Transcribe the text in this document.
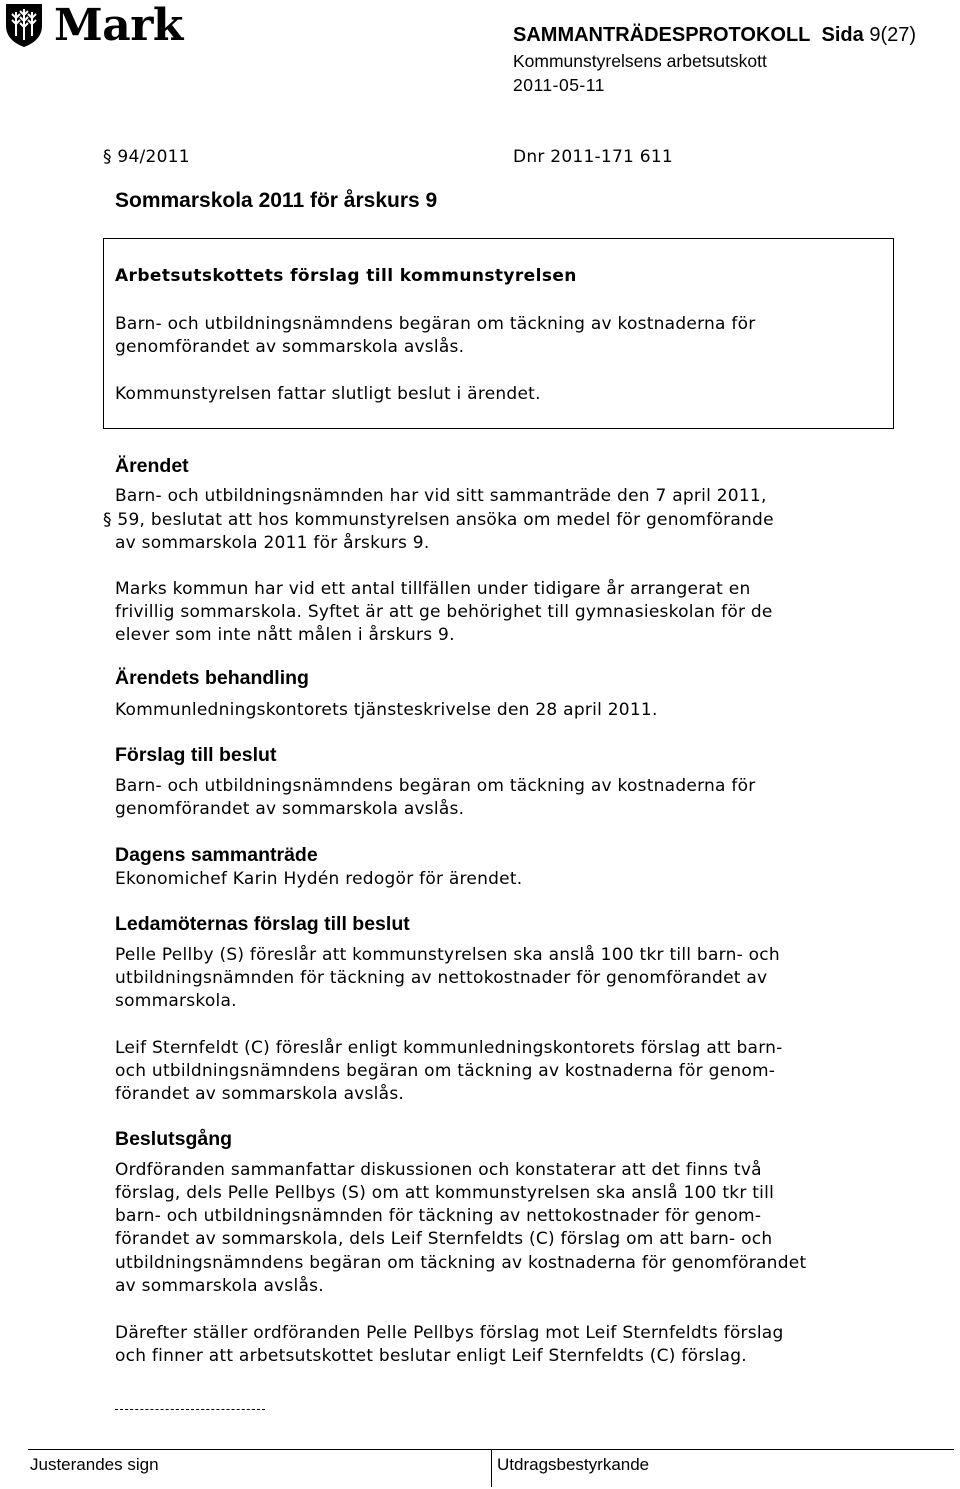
Mark	SAMMANTRÄDESPROTOKOLL Sida 9(27)
Kommunstyrelsens arbetsutskott
2011-05-11
§ 94/2011	Dnr 2011-171 611
Sommarskola 2011 för årskurs 9
Arbetsutskottets förslag till kommunstyrelsen
Barn- och utbildningsnämndens begäran om täckning av kostnaderna för
genomförandet av sommarskola avslås.
Kommunstyrelsen fattar slutligt beslut i ärendet.
Ärendet
Barn- och utbildningsnämnden har vid sitt sammanträde den 7 april 2011,
§ 59, beslutat att hos kommunstyrelsen ansöka om medel för genomförande
av sommarskola 2011 för årskurs 9.
Marks kommun har vid ett antal tillfällen under tidigare år arrangerat en
frivillig sommarskola. Syftet är att ge behörighet till gymnasieskolan för de
elever som inte nått målen i årskurs 9.
Ärendets behandling
Kommunledningskontorets tjänsteskrivelse den 28 april 2011.
Förslag till beslut
Barn- och utbildningsnämndens begäran om täckning av kostnaderna för
genomförandet av sommarskola avslås.
Dagens sammanträde
Ekonomichef Karin Hydén redogör för ärendet.
Ledamöternas förslag till beslut
Pelle Pellby (S) föreslår att kommunstyrelsen ska anslå 100 tkr till barn- och
utbildningsnämnden för täckning av nettokostnader för genomförandet av
sommarskola.
Leif Sternfeldt (C) föreslår enligt kommunledningskontorets förslag att barn-
och utbildningsnämndens begäran om täckning av kostnaderna för genom-
förandet av sommarskola avslås.
Beslutsgång
Ordföranden sammanfattar diskussionen och konstaterar att det finns två
förslag, dels Pelle Pellbys (S) om att kommunstyrelsen ska anslå 100 tkr till
barn- och utbildningsnämnden för täckning av nettokostnader för genom-
förandet av sommarskola, dels Leif Sternfeldts (C) förslag om att barn- och
utbildningsnämndens begäran om täckning av kostnaderna för genomförandet
av sommarskola avslås.
Därefter ställer ordföranden Pelle Pellbys förslag mot Leif Sternfeldts förslag
och finner att arbetsutskottet beslutar enligt Leif Sternfeldts (C) förslag.
Justerandes sign	Utdragsbestyrkande
